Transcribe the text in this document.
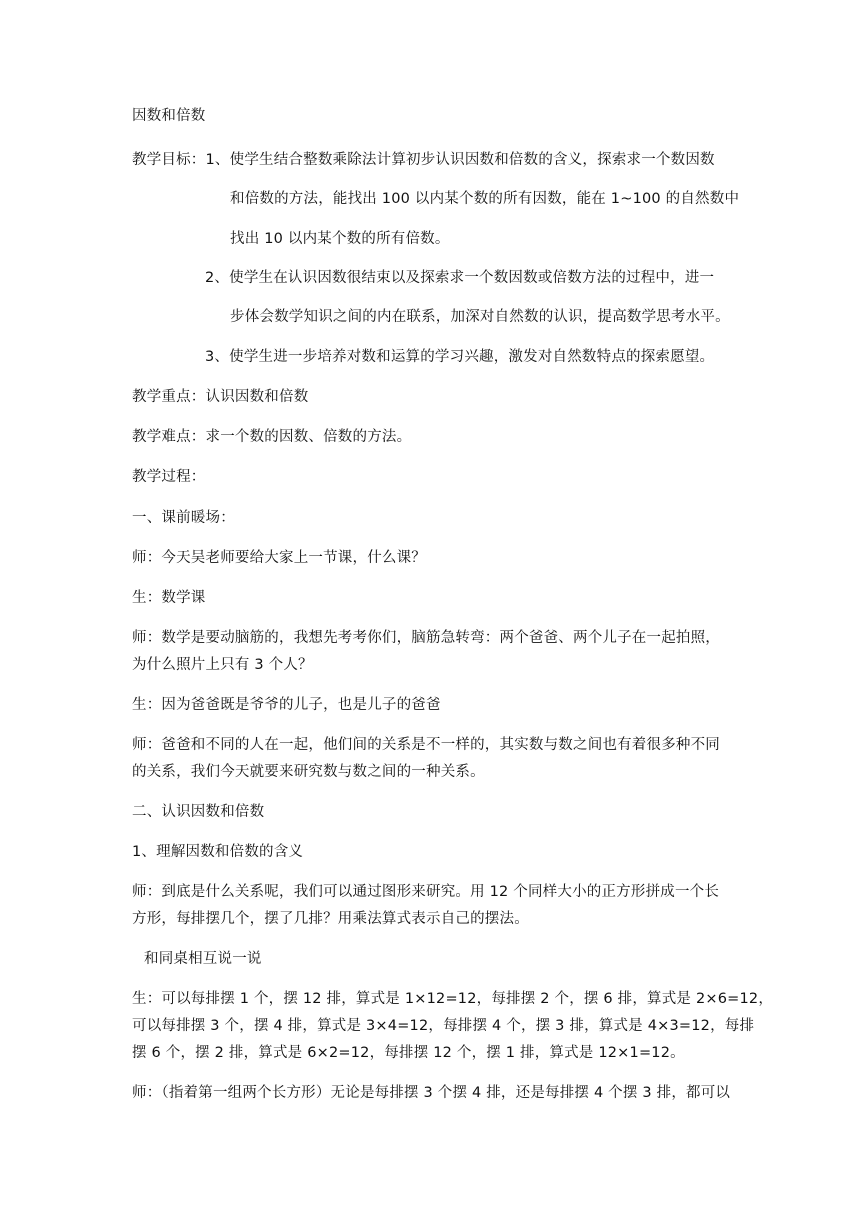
因数和倍数
教学目标：1、使学生结合整数乘除法计算初步认识因数和倍数的含义，探索求一个数因数
和倍数的方法，能找出 100 以内某个数的所有因数，能在 1~100 的自然数中
找出 10 以内某个数的所有倍数。
2、使学生在认识因数很结束以及探索求一个数因数或倍数方法的过程中，进一
步体会数学知识之间的内在联系，加深对自然数的认识，提高数学思考水平。
3、使学生进一步培养对数和运算的学习兴趣，激发对自然数特点的探索愿望。
教学重点：认识因数和倍数
教学难点：求一个数的因数、倍数的方法。
教学过程：
一、课前暖场：
师：今天吴老师要给大家上一节课，什么课？
生：数学课
师：数学是要动脑筋的，我想先考考你们，脑筋急转弯：两个爸爸、两个儿子在一起拍照，
为什么照片上只有 3 个人？
生：因为爸爸既是爷爷的儿子，也是儿子的爸爸
师：爸爸和不同的人在一起，他们间的关系是不一样的，其实数与数之间也有着很多种不同
的关系，我们今天就要来研究数与数之间的一种关系。
二、认识因数和倍数
1、理解因数和倍数的含义
师：到底是什么关系呢，我们可以通过图形来研究。用 12 个同样大小的正方形拼成一个长
方形，每排摆几个，摆了几排？用乘法算式表示自己的摆法。
和同桌相互说一说
生：可以每排摆 1 个，摆 12 排，算式是 1×12=12，每排摆 2 个，摆 6 排，算式是 2×6=12，
可以每排摆 3 个，摆 4 排，算式是 3×4=12，每排摆 4 个，摆 3 排，算式是 4×3=12，每排
摆 6 个，摆 2 排，算式是 6×2=12，每排摆 12 个，摆 1 排，算式是 12×1=12。
师：（指着第一组两个长方形）无论是每排摆 3 个摆 4 排，还是每排摆 4 个摆 3 排，都可以
